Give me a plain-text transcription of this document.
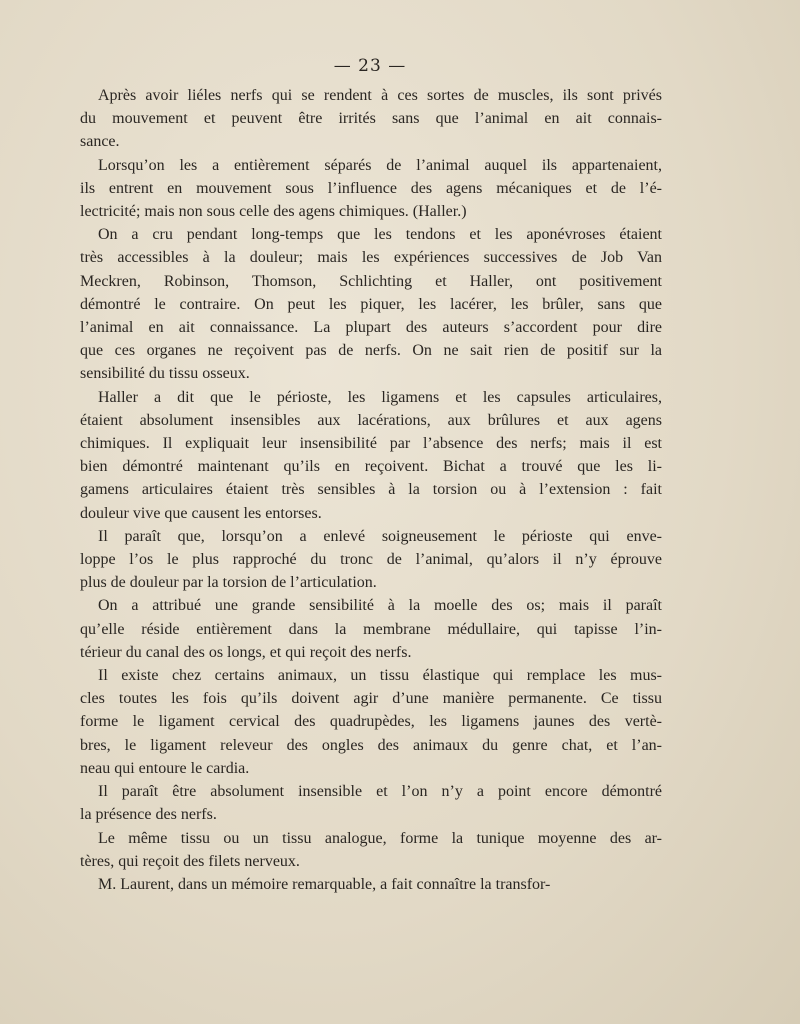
— 23 —
Après avoir liéles nerfs qui se rendent à ces sortes de muscles, ils sont privés
du mouvement et peuvent être irrités sans que l’animal en ait connais-
sance.
Lorsqu’on les a entièrement séparés de l’animal auquel ils appartenaient,
ils entrent en mouvement sous l’influence des agens mécaniques et de l’é-
lectricité; mais non sous celle des agens chimiques. (Haller.)
On a cru pendant long-temps que les tendons et les aponévroses étaient
très accessibles à la douleur; mais les expériences successives de Job Van
Meckren, Robinson, Thomson, Schlichting et Haller, ont positivement
démontré le contraire. On peut les piquer, les lacérer, les brûler, sans que
l’animal en ait connaissance. La plupart des auteurs s’accordent pour dire
que ces organes ne reçoivent pas de nerfs. On ne sait rien de positif sur la
sensibilité du tissu osseux.
Haller a dit que le périoste, les ligamens et les capsules articulaires,
étaient absolument insensibles aux lacérations, aux brûlures et aux agens
chimiques. Il expliquait leur insensibilité par l’absence des nerfs; mais il est
bien démontré maintenant qu’ils en reçoivent. Bichat a trouvé que les li-
gamens articulaires étaient très sensibles à la torsion ou à l’extension : fait
douleur vive que causent les entorses.
Il paraît que, lorsqu’on a enlevé soigneusement le périoste qui enve-
loppe l’os le plus rapproché du tronc de l’animal, qu’alors il n’y éprouve
plus de douleur par la torsion de l’articulation.
On a attribué une grande sensibilité à la moelle des os; mais il paraît
qu’elle réside entièrement dans la membrane médullaire, qui tapisse l’in-
térieur du canal des os longs, et qui reçoit des nerfs.
Il existe chez certains animaux, un tissu élastique qui remplace les mus-
cles toutes les fois qu’ils doivent agir d’une manière permanente. Ce tissu
forme le ligament cervical des quadrupèdes, les ligamens jaunes des vertè-
bres, le ligament releveur des ongles des animaux du genre chat, et l’an-
neau qui entoure le cardia.
Il paraît être absolument insensible et l’on n’y a point encore démontré
la présence des nerfs.
Le même tissu ou un tissu analogue, forme la tunique moyenne des ar-
tères, qui reçoit des filets nerveux.
M. Laurent, dans un mémoire remarquable, a fait connaître la transfor-
